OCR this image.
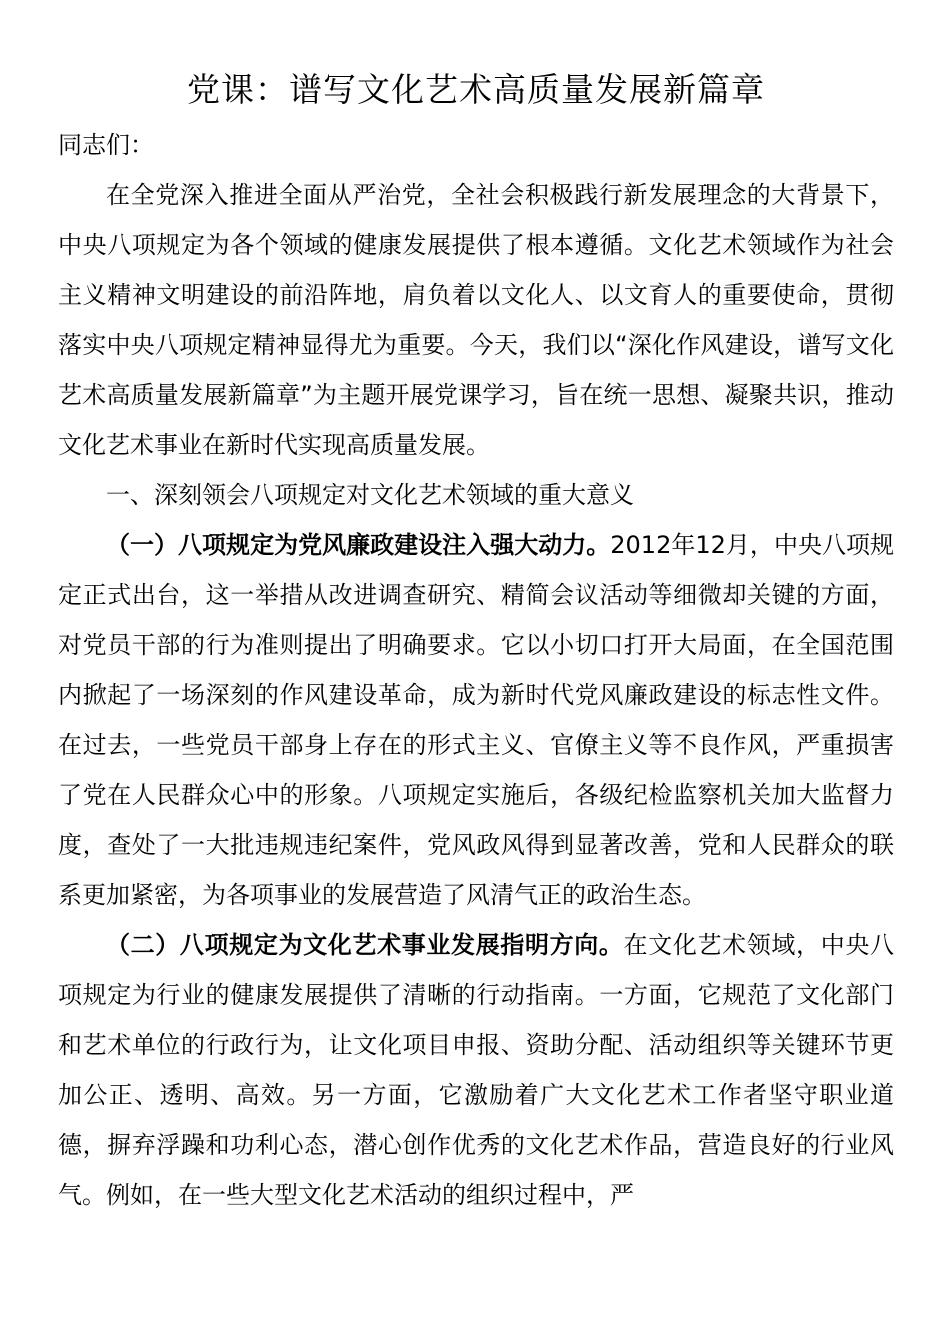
党课：谱写文化艺术高质量发展新篇章

同志们：

在全党深入推进全面从严治党，全社会积极践行新发展理念的大背景下，中央八项规定为各个领域的健康发展提供了根本遵循。文化艺术领域作为社会主义精神文明建设的前沿阵地，肩负着以文化人、以文育人的重要使命，贯彻落实中央八项规定精神显得尤为重要。今天，我们以“深化作风建设，谱写文化艺术高质量发展新篇章”为主题开展党课学习，旨在统一思想、凝聚共识，推动文化艺术事业在新时代实现高质量发展。

一、深刻领会八项规定对文化艺术领域的重大意义

（一）八项规定为党风廉政建设注入强大动力。2012年12月，中央八项规定正式出台，这一举措从改进调查研究、精简会议活动等细微却关键的方面，对党员干部的行为准则提出了明确要求。它以小切口打开大局面，在全国范围内掀起了一场深刻的作风建设革命，成为新时代党风廉政建设的标志性文件。在过去，一些党员干部身上存在的形式主义、官僚主义等不良作风，严重损害了党在人民群众心中的形象。八项规定实施后，各级纪检监察机关加大监督力度，查处了一大批违规违纪案件，党风政风得到显著改善，党和人民群众的联系更加紧密，为各项事业的发展营造了风清气正的政治生态。

（二）八项规定为文化艺术事业发展指明方向。在文化艺术领域，中央八项规定为行业的健康发展提供了清晰的行动指南。一方面，它规范了文化部门和艺术单位的行政行为，让文化项目申报、资助分配、活动组织等关键环节更加公正、透明、高效。另一方面，它激励着广大文化艺术工作者坚守职业道德，摒弃浮躁和功利心态，潜心创作优秀的文化艺术作品，营造良好的行业风气。例如，在一些大型文化艺术活动的组织过程中，严
